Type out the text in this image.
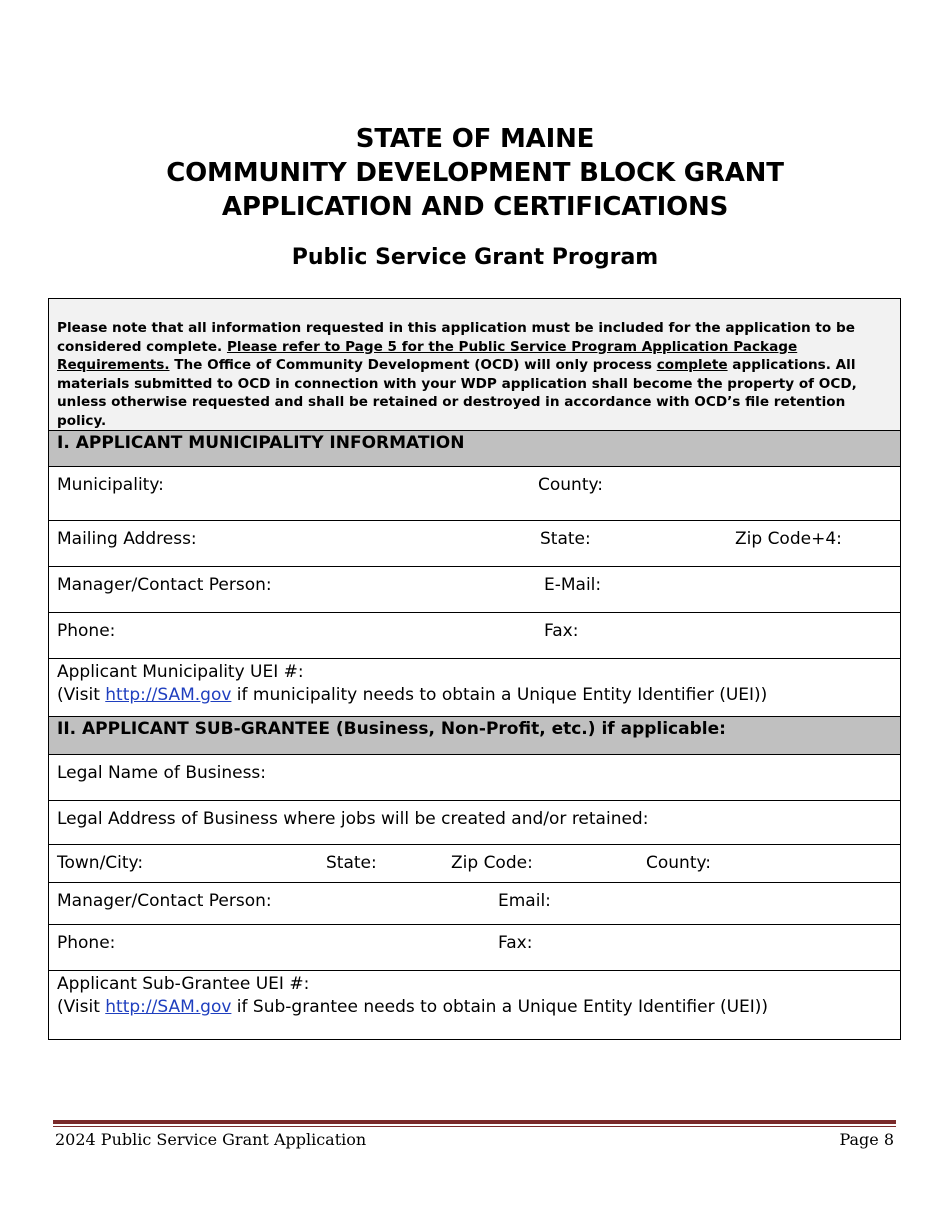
STATE OF MAINE
COMMUNITY DEVELOPMENT BLOCK GRANT
APPLICATION AND CERTIFICATIONS
Public Service Grant Program
Please note that all information requested in this application must be included for the application to be considered complete. Please refer to Page 5 for the Public Service Program Application Package Requirements. The Office of Community Development (OCD) will only process complete applications. All materials submitted to OCD in connection with your WDP application shall become the property of OCD, unless otherwise requested and shall be retained or destroyed in accordance with OCD’s file retention policy.
I. APPLICANT MUNICIPALITY INFORMATION
Municipality:	County:
Mailing Address:	State:	Zip Code+4:
Manager/Contact Person:	E-Mail:
Phone:	Fax:
Applicant Municipality UEI #:
(Visit http://SAM.gov if municipality needs to obtain a Unique Entity Identifier (UEI))
II. APPLICANT SUB-GRANTEE (Business, Non-Profit, etc.) if applicable:
Legal Name of Business:
Legal Address of Business where jobs will be created and/or retained:
Town/City:	State:	Zip Code:	County:
Manager/Contact Person:	Email:
Phone:	Fax:
Applicant Sub-Grantee UEI #:
(Visit http://SAM.gov if Sub-grantee needs to obtain a Unique Entity Identifier (UEI))
2024 Public Service Grant Application	Page 8
